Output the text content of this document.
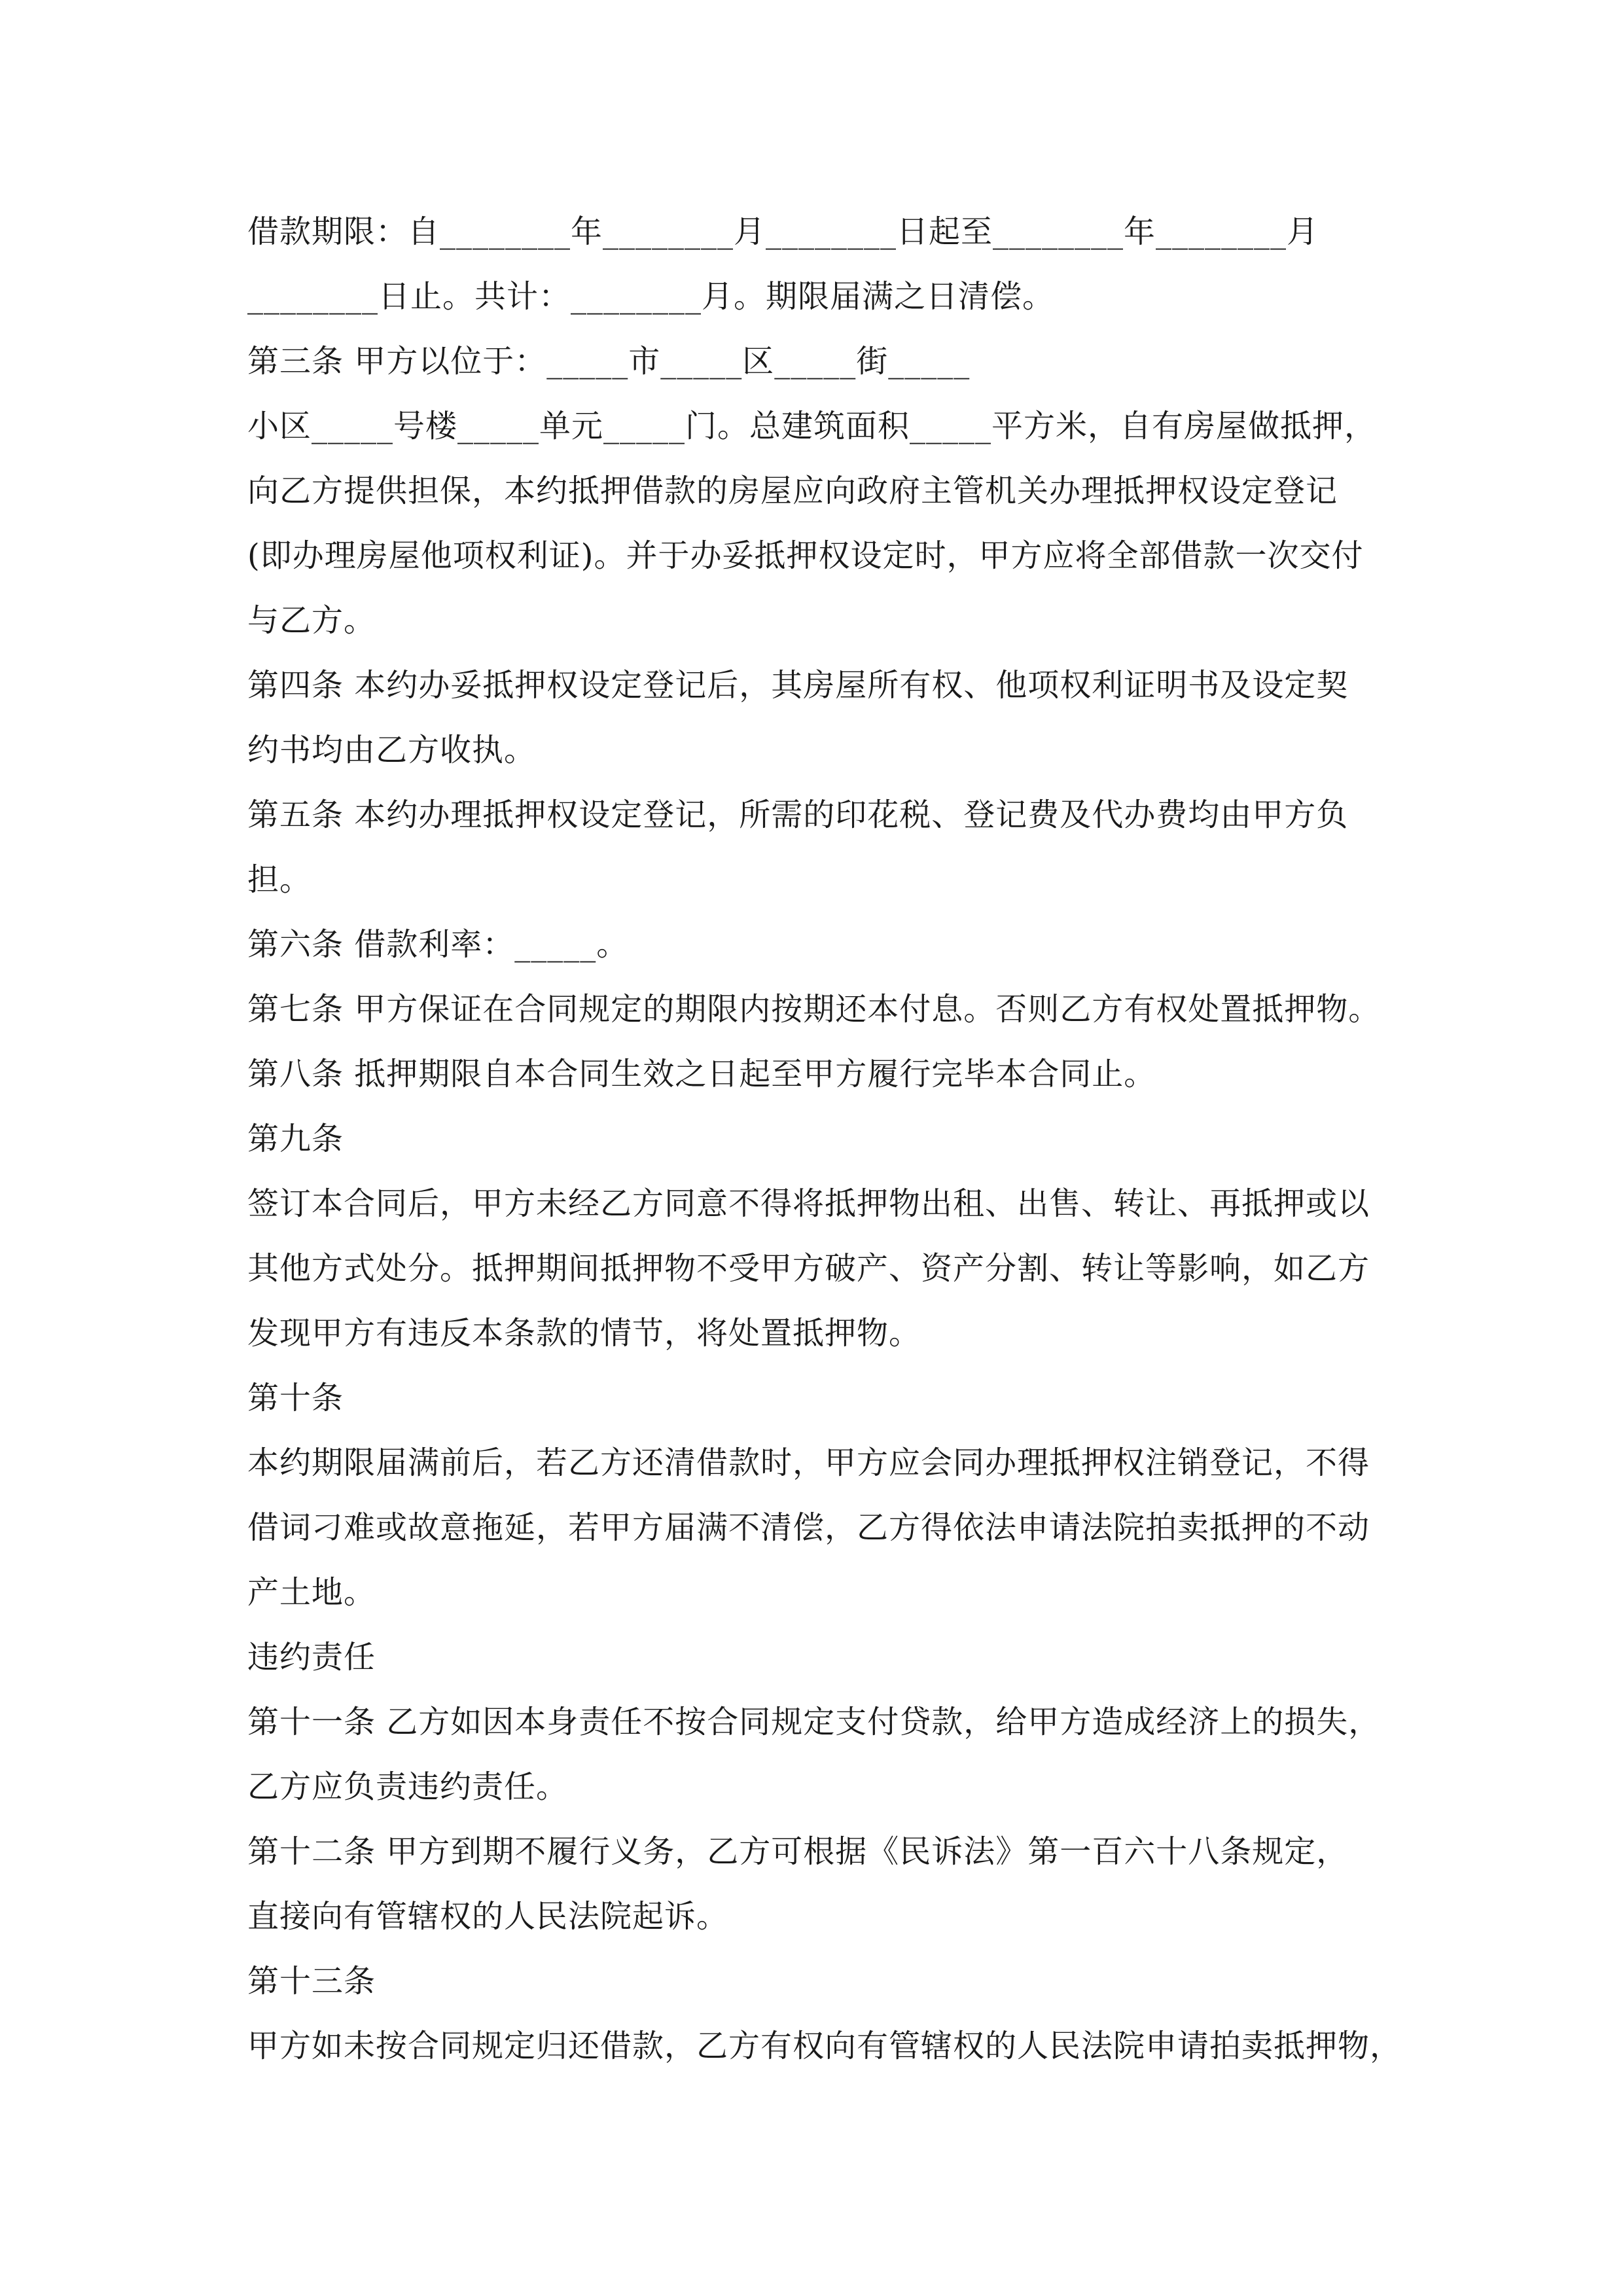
借款期限：自________年________月________日起至________年________月
________日止。共计：________月。期限届满之日清偿。
第三条 甲方以位于：_____市_____区_____街_____
小区_____号楼_____单元_____门。总建筑面积_____平方米，自有房屋做抵押，
向乙方提供担保，本约抵押借款的房屋应向政府主管机关办理抵押权设定登记
(即办理房屋他项权利证)。并于办妥抵押权设定时，甲方应将全部借款一次交付
与乙方。
第四条 本约办妥抵押权设定登记后，其房屋所有权、他项权利证明书及设定契
约书均由乙方收执。
第五条 本约办理抵押权设定登记，所需的印花税、登记费及代办费均由甲方负
担。
第六条 借款利率：_____。
第七条 甲方保证在合同规定的期限内按期还本付息。否则乙方有权处置抵押物。
第八条 抵押期限自本合同生效之日起至甲方履行完毕本合同止。
第九条
签订本合同后，甲方未经乙方同意不得将抵押物出租、出售、转让、再抵押或以
其他方式处分。抵押期间抵押物不受甲方破产、资产分割、转让等影响，如乙方
发现甲方有违反本条款的情节，将处置抵押物。
第十条
本约期限届满前后，若乙方还清借款时，甲方应会同办理抵押权注销登记，不得
借词刁难或故意拖延，若甲方届满不清偿，乙方得依法申请法院拍卖抵押的不动
产土地。
违约责任
第十一条 乙方如因本身责任不按合同规定支付贷款，给甲方造成经济上的损失，
乙方应负责违约责任。
第十二条 甲方到期不履行义务，乙方可根据《民诉法》第一百六十八条规定，
直接向有管辖权的人民法院起诉。
第十三条
甲方如未按合同规定归还借款，乙方有权向有管辖权的人民法院申请拍卖抵押物，
